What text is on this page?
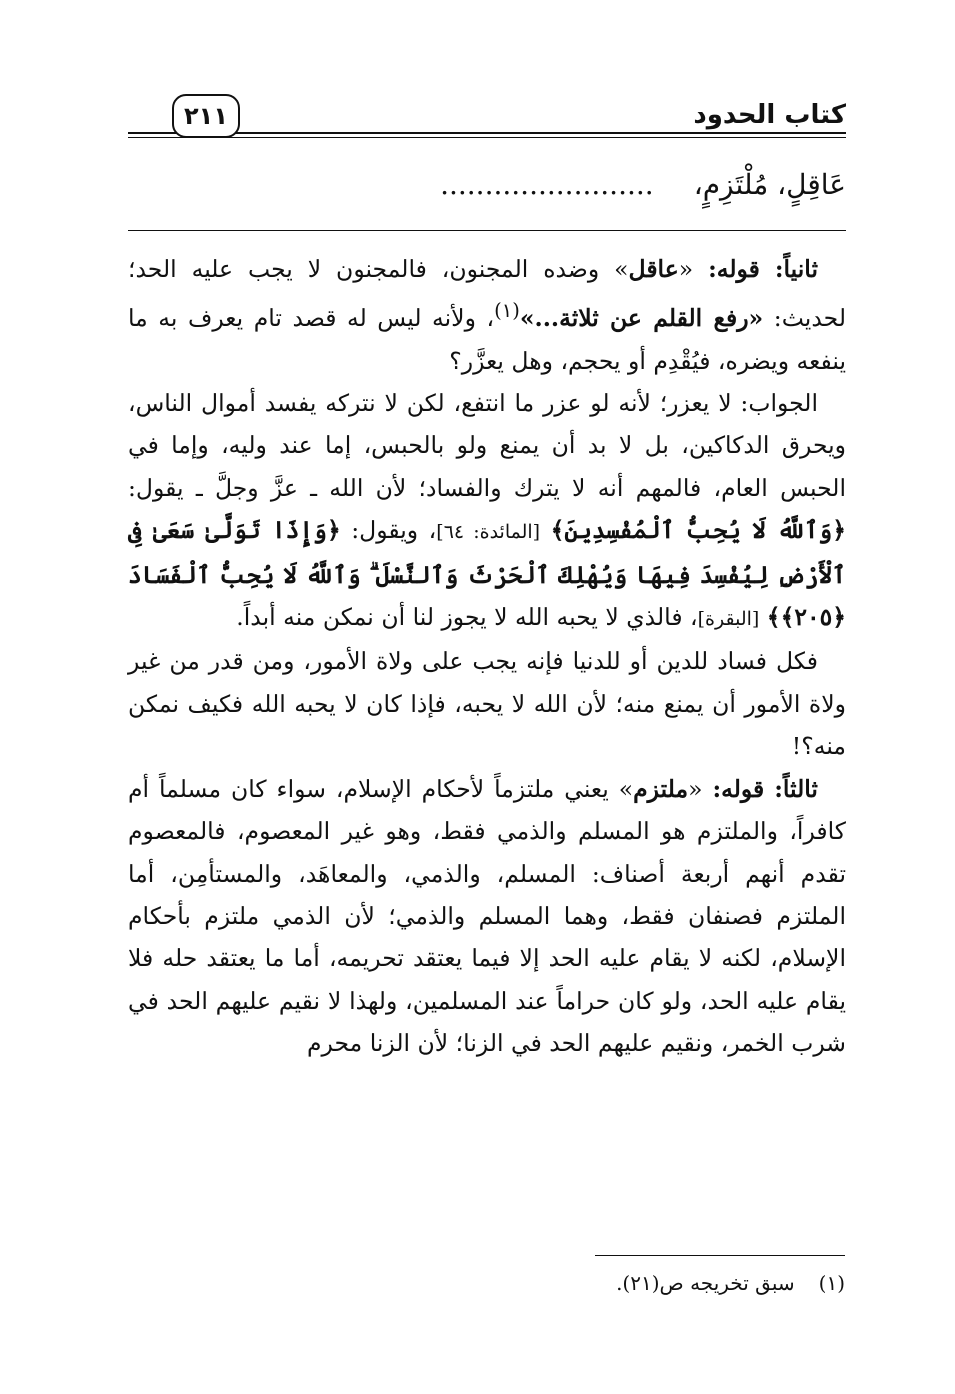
كتاب الحدود
٢١١
عَاقِلٍ، مُلْتَزِمٍ،........................

ثانياً: قوله: «عاقل» وضده المجنون، فالمجنون لا يجب عليه الحد؛ لحديث: «رفع القلم عن ثلاثة...»$^{(١)}$، ولأنه ليس له قصد تام يعرف به ما ينفعه ويضره، فيُقْدِم أو يحجم، وهل يعزَّر؟

الجواب: لا يعزر؛ لأنه لو عزر ما انتفع، لكن لا نتركه يفسد أموال الناس، ويحرق الدكاكين، بل لا بد أن يمنع ولو بالحبس، إما عند وليه، وإما في الحبس العام، فالمهم أنه لا يترك والفساد؛ لأن الله ـ عزَّ وجلَّ ـ يقول: ﴿وَٱللَّهُ لَا يُحِبُّ ٱلْمُفْسِدِينَ﴾ [المائدة: ٦٤]، ويقول: ﴿وَإِذَا تَوَلَّىٰ سَعَىٰ فِى ٱلْأَرْضِ لِيُفْسِدَ فِيهَا وَيُهْلِكَ ٱلْحَرْثَ وَٱلنَّسْلَ ۗ وَٱللَّهُ لَا يُحِبُّ ٱلْفَسَادَ ﴿٢٠٥﴾﴾ [البقرة]، فالذي لا يحبه الله لا يجوز لنا أن نمكن منه أبداً.

فكل فساد للدين أو للدنيا فإنه يجب على ولاة الأمور، ومن قدر من غير ولاة الأمور أن يمنع منه؛ لأن الله لا يحبه، فإذا كان لا يحبه الله فكيف نمكن منه؟!

ثالثاً: قوله: «ملتزم» يعني ملتزماً لأحكام الإسلام، سواء كان مسلماً أم كافراً، والملتزم هو المسلم والذمي فقط، وهو غير المعصوم، فالمعصوم تقدم أنهم أربعة أصناف: المسلم، والذمي، والمعاهَد، والمستأمِن، أما الملتزم فصنفان فقط، وهما المسلم والذمي؛ لأن الذمي ملتزم بأحكام الإسلام، لكنه لا يقام عليه الحد إلا فيما يعتقد تحريمه، أما ما يعتقد حله فلا يقام عليه الحد، ولو كان حراماً عند المسلمين، ولهذا لا نقيم عليهم الحد في شرب الخمر، ونقيم عليهم الحد في الزنا؛ لأن الزنا محرم

(١)سبق تخريجه ص(٢١).
